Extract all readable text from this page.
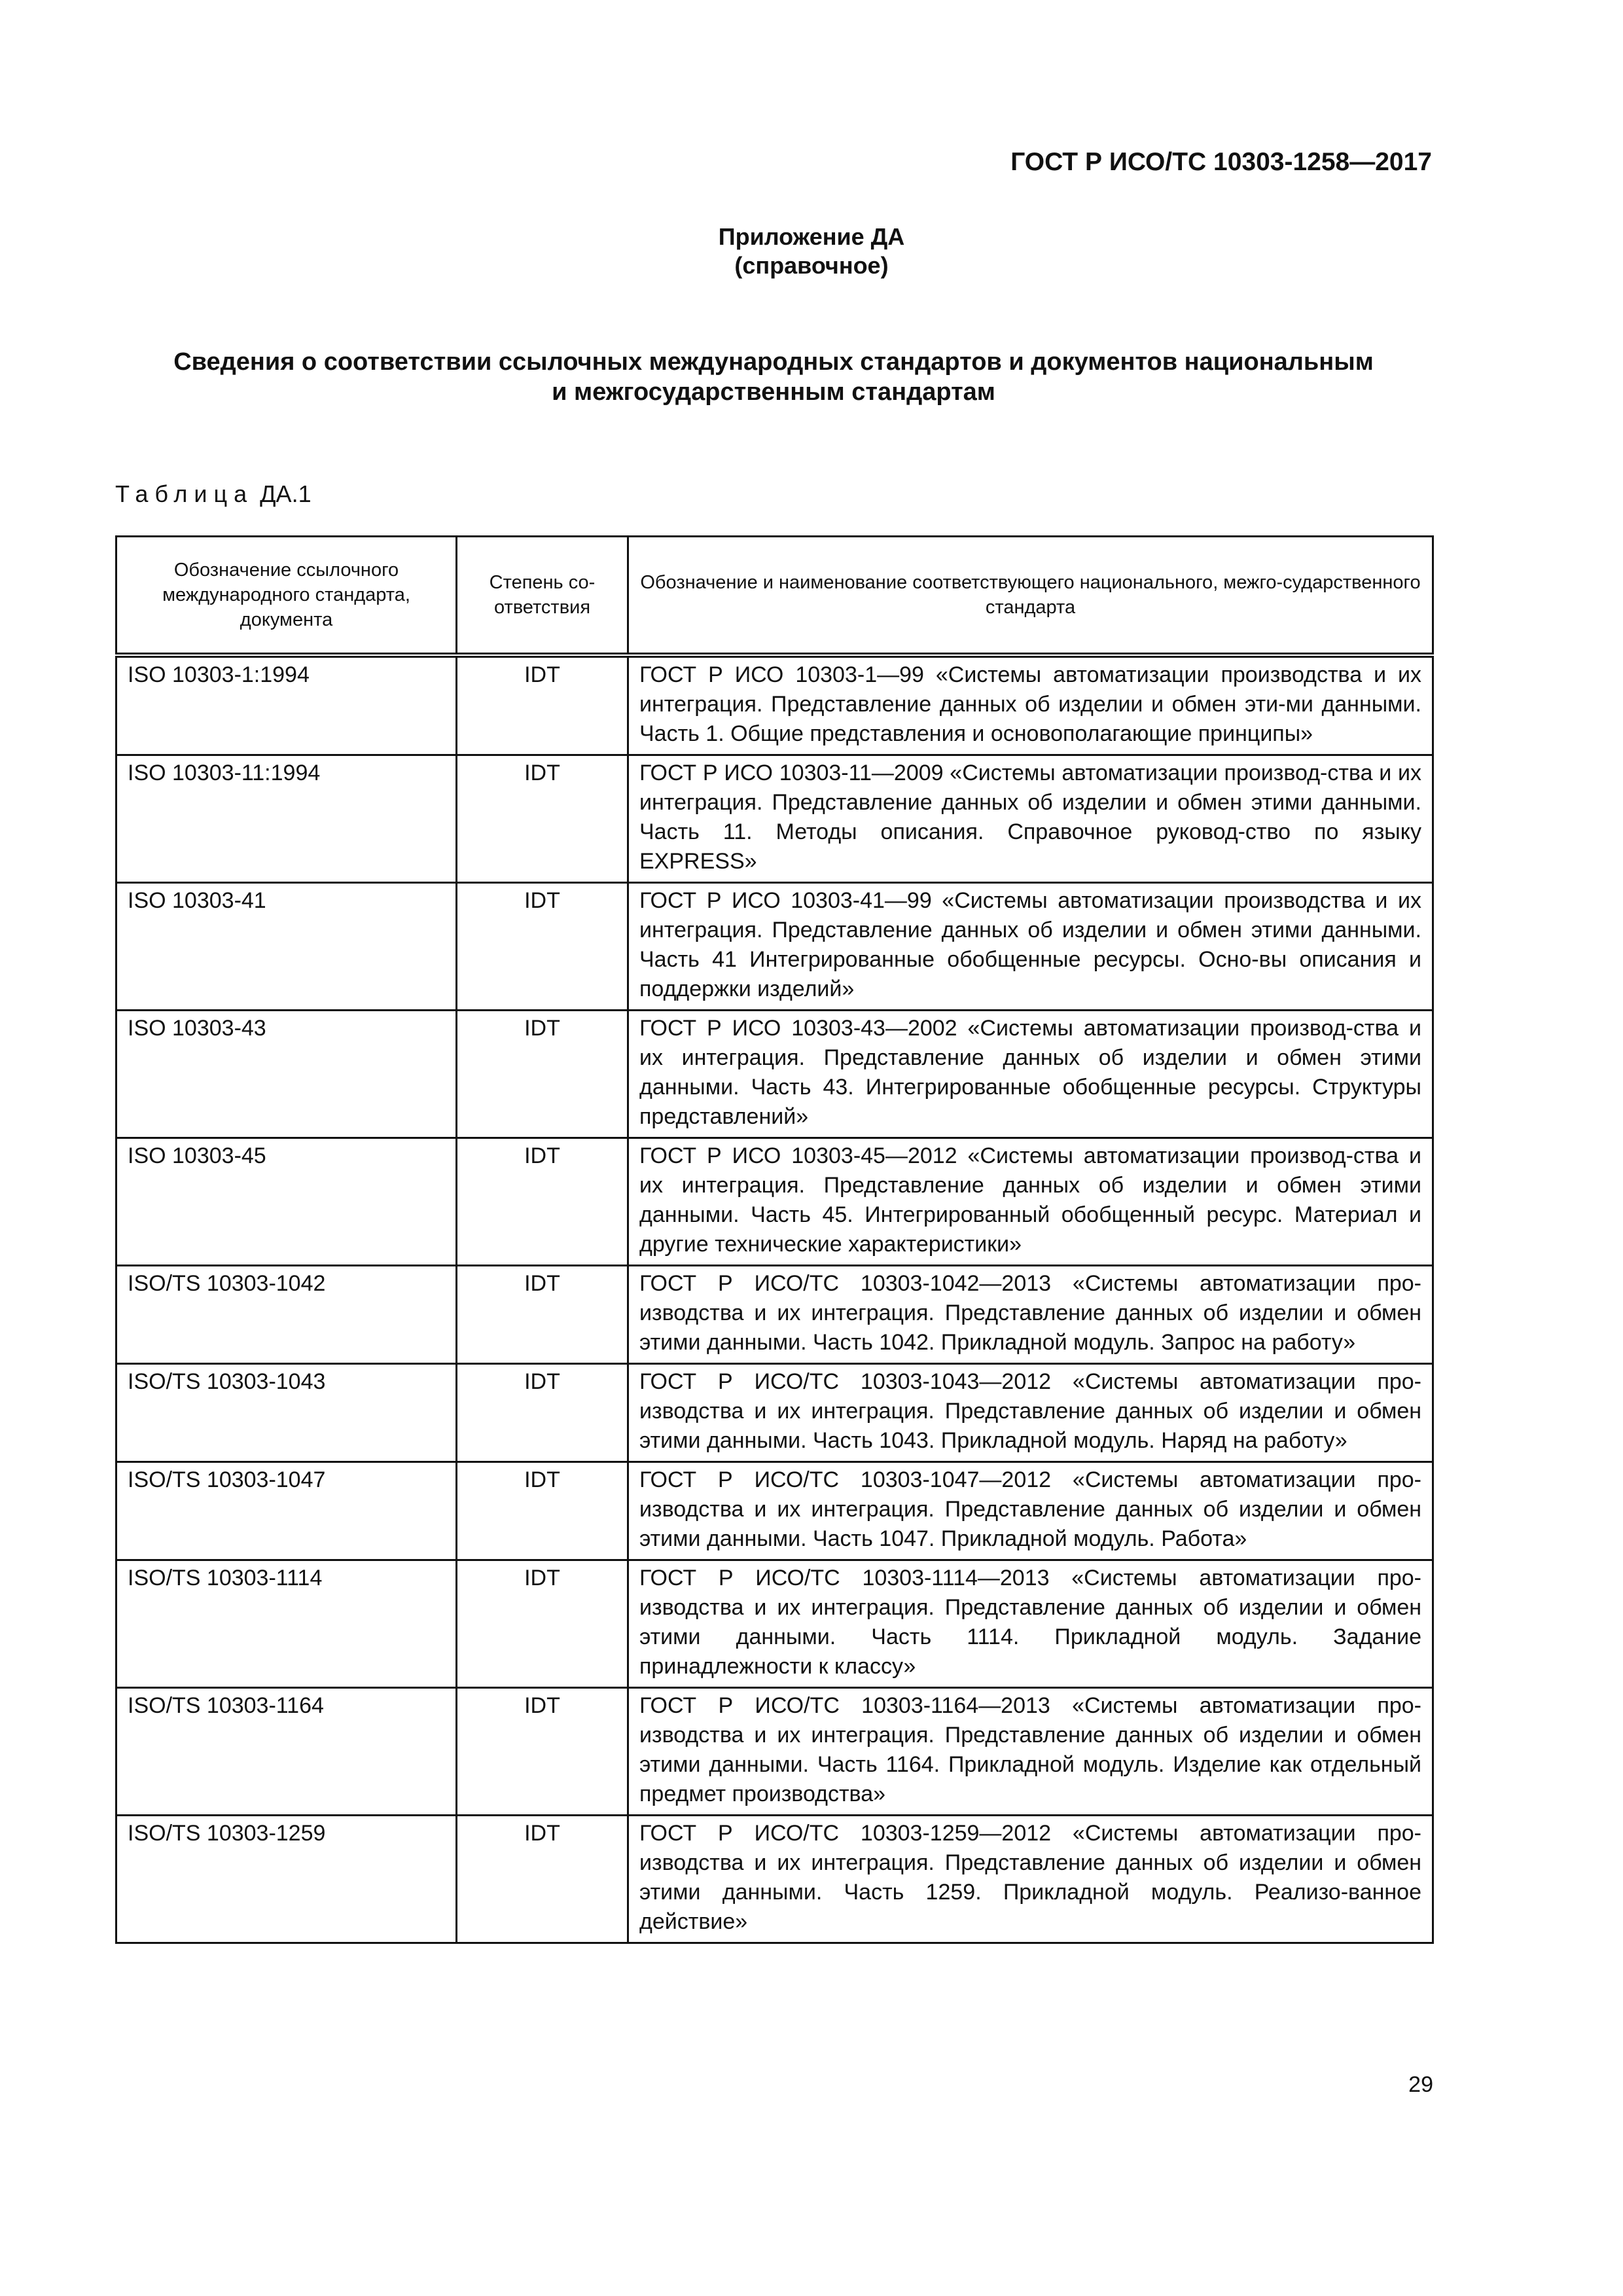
ГОСТ Р ИСО/ТС 10303-1258—2017
Приложение ДА
(справочное)
Сведения о соответствии ссылочных международных стандартов и документов национальным
и межгосударственным стандартам
Таблица ДА.1
Обозначение ссылочного международного стандарта, документа	Степень со-ответствия	Обозначение и наименование соответствующего национального, межго-сударственного стандарта
ISO 10303-1:1994	IDT	ГОСТ Р ИСО 10303-1—99 «Системы автоматизации производства и их интеграция. Представление данных об изделии и обмен эти-ми данными. Часть 1. Общие представления и основополагающие принципы»
ISO 10303-11:1994	IDT	ГОСТ Р ИСО 10303-11—2009 «Системы автоматизации производ-ства и их интеграция. Представление данных об изделии и обмен этими данными. Часть 11. Методы описания. Справочное руковод-ство по языку EXPRESS»
ISO 10303-41	IDT	ГОСТ Р ИСО 10303-41—99 «Системы автоматизации производства и их интеграция. Представление данных об изделии и обмен этими данными. Часть 41 Интегрированные обобщенные ресурсы. Осно-вы описания и поддержки изделий»
ISO 10303-43	IDT	ГОСТ Р ИСО 10303-43—2002 «Системы автоматизации производ-ства и их интеграция. Представление данных об изделии и обмен этими данными. Часть 43. Интегрированные обобщенные ресурсы. Структуры представлений»
ISO 10303-45	IDT	ГОСТ Р ИСО 10303-45—2012 «Системы автоматизации производ-ства и их интеграция. Представление данных об изделии и обмен этими данными. Часть 45. Интегрированный обобщенный ресурс. Материал и другие технические характеристики»
ISO/TS 10303-1042	IDT	ГОСТ Р ИСО/ТС 10303-1042—2013 «Системы автоматизации про-изводства и их интеграция. Представление данных об изделии и обмен этими данными. Часть 1042. Прикладной модуль. Запрос на работу»
ISO/TS 10303-1043	IDT	ГОСТ Р ИСО/ТС 10303-1043—2012 «Системы автоматизации про-изводства и их интеграция. Представление данных об изделии и обмен этими данными. Часть 1043. Прикладной модуль. Наряд на работу»
ISO/TS 10303-1047	IDT	ГОСТ Р ИСО/ТС 10303-1047—2012 «Системы автоматизации про-изводства и их интеграция. Представление данных об изделии и обмен этими данными. Часть 1047. Прикладной модуль. Работа»
ISO/TS 10303-1114	IDT	ГОСТ Р ИСО/ТС 10303-1114—2013 «Системы автоматизации про-изводства и их интеграция. Представление данных об изделии и обмен этими данными. Часть 1114. Прикладной модуль. Задание принадлежности к классу»
ISO/TS 10303-1164	IDT	ГОСТ Р ИСО/ТС 10303-1164—2013 «Системы автоматизации про-изводства и их интеграция. Представление данных об изделии и обмен этими данными. Часть 1164. Прикладной модуль. Изделие как отдельный предмет производства»
ISO/TS 10303-1259	IDT	ГОСТ Р ИСО/ТС 10303-1259—2012 «Системы автоматизации про-изводства и их интеграция. Представление данных об изделии и обмен этими данными. Часть 1259. Прикладной модуль. Реализо-ванное действие»
29
